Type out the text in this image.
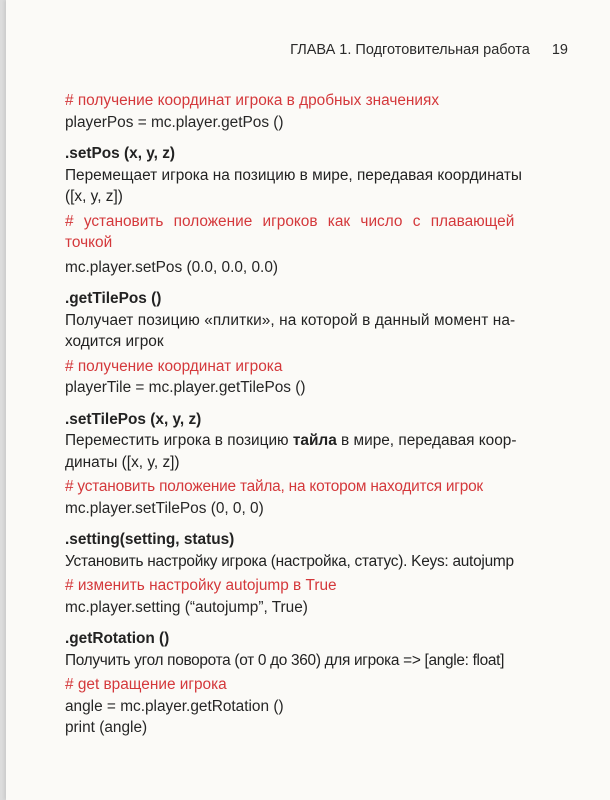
ГЛАВА 1. Подготовительная работа 19
# получение координат игрока в дробных значениях
playerPos = mc.player.getPos ()
.setPos (x, y, z)
Перемещает игрока на позицию в мире, передавая координаты
([x, y, z])
# установить положение игроков как число с плавающей
точкой
mc.player.setPos (0.0, 0.0, 0.0)
.getTilePos ()
Получает позицию «плитки», на которой в данный момент на-
ходится игрок
# получение координат игрока
playerTile = mc.player.getTilePos ()
.setTilePos (x, y, z)
Переместить игрока в позицию тайла в мире, передавая коор-
динаты ([x, y, z])
# установить положение тайла, на котором находится игрок
mc.player.setTilePos (0, 0, 0)
.setting(setting, status)
Установить настройку игрока (настройка, статус). Keys: autojump
# изменить настройку autojump в True
mc.player.setting (“autojump”, True)
.getRotation ()
Получить угол поворота (от 0 до 360) для игрока => [angle: float]
# get вращение игрока
angle = mc.player.getRotation ()
print (angle)
